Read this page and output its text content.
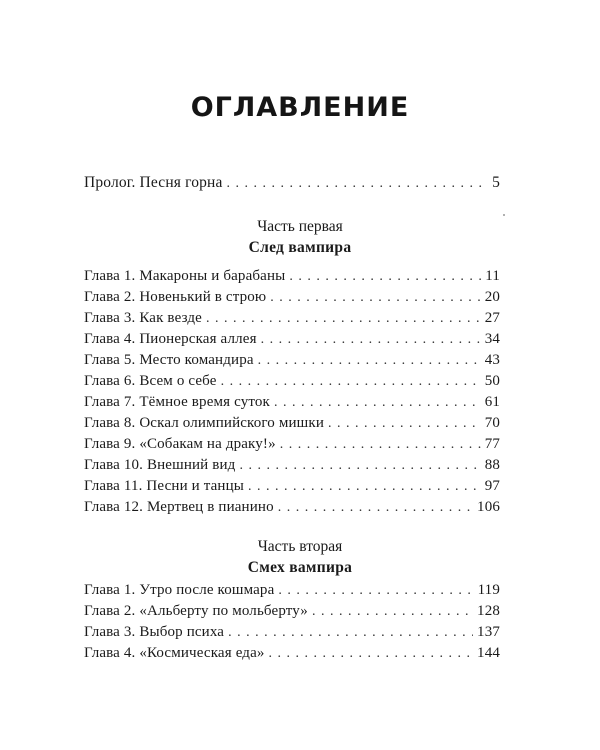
ОГЛАВЛЕНИЕ
Пролог. Песня горна . . .	5
Часть первая
След вампира
Глава 1. Макароны и барабаны . . .	11
Глава 2. Новенький в строю . . .	20
Глава 3. Как везде . . .	27
Глава 4. Пионерская аллея . . .	34
Глава 5. Место командира . . .	43
Глава 6. Всем о себе . . .	50
Глава 7. Тёмное время суток . . .	61
Глава 8. Оскал олимпийского мишки . . .	70
Глава 9. «Собакам на драку!» . . .	77
Глава 10. Внешний вид . . .	88
Глава 11. Песни и танцы . . .	97
Глава 12. Мертвец в пианино . . .	106
Часть вторая
Смех вампира
Глава 1. Утро после кошмара . . .	119
Глава 2. «Альберту по мольберту» . . .	128
Глава 3. Выбор психа . . .	137
Глава 4. «Космическая еда» . . .	144
